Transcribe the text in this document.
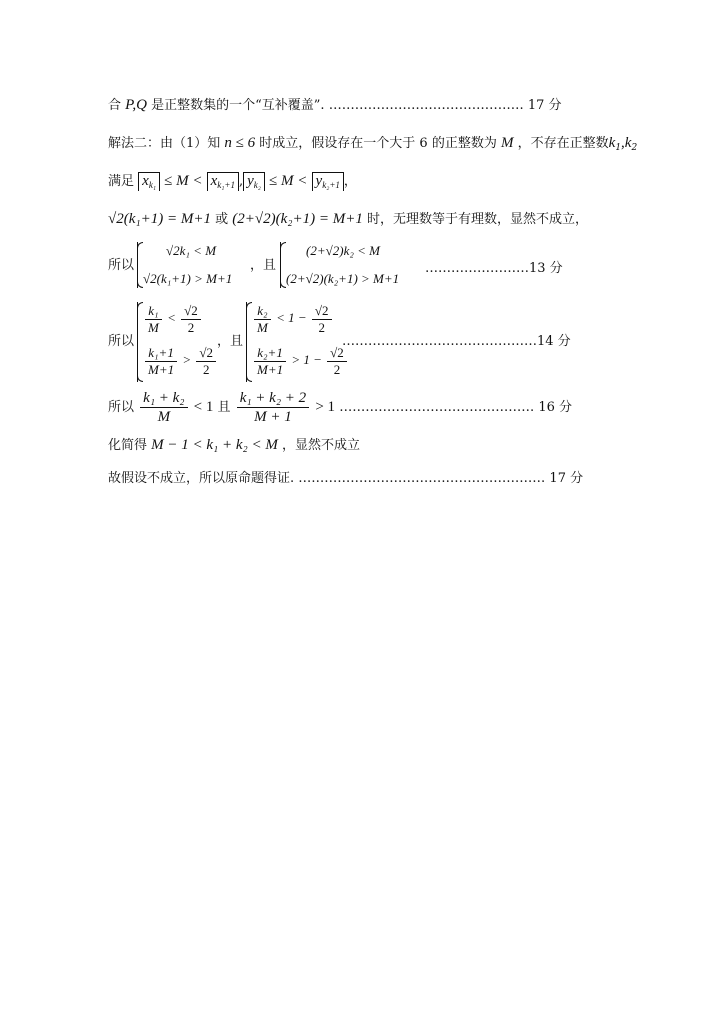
合 P,Q 是正整数集的一个“互补覆盖”. ……………………………………… 17 分
解法二：由（1）知 n ≤ 6 时成立，假设存在一个大于 6 的正整数为 M ，不存在正整数$k_1,k_2$
满足 $x_{k_1} \le M < x_{k_1+1}$ , $y_{k_2} \le M < y_{k_2+1}$ ，
√2(k₁+1) = M+1 或 (2+√2)(k₂+1) = M+1 时，无理数等于有理数，显然不成立，
所以
√2k₁ < M
√2(k₁+1) > M+1
，且
(2+√2)k₂ < M
(2+√2)(k₂+1) > M+1
……………………13 分
所以
$\frac{\text{k₁}}{M} < \frac{√2}{2}$
$\frac{\text{k₁+1}}{M+1} > \frac{√2}{2}$
，且
$\frac{\text{k₂}}{M} < 1 - \frac{√2}{2}$
$\frac{\text{k₂+1}}{M+1} > 1 - \frac{√2}{2}$
………………………………………14 分
所以 $\frac{\text{k₁ + k₂}}{M} < 1$ 且 $\frac{\text{k₁ + k₂ + 2}}{M + 1} > 1$ ……………………………………… 16 分
化简得 M − 1 < k₁ + k₂ < M ，显然不成立
故假设不成立，所以原命题得证. ………………………………………………… 17 分
